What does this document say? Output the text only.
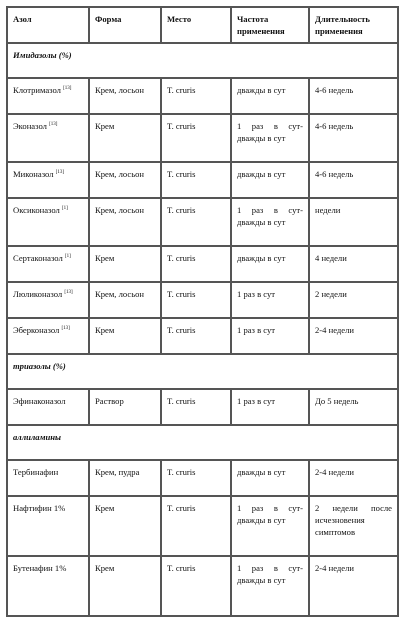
Азол	Форма	Место	Частота применения	Длительность применения
Имидазолы (%)				
Клотримазол [13]	Крем, лосьон	T. cruris	дважды в сут	4-6 недель
Эконазол [13]	Крем	T. cruris	1 раз в сут-дважды в сут	4-6 недель
Миконазол [13]	Крем, лосьон	T. cruris	дважды в сут	4-6 недель
Оксиконазол [1]	Крем, лосьон	T. cruris	1 раз в сут-дважды в сут	недели
Сертаконазол [1]	Крем	T. cruris	дважды в сут	4 недели
Люликоназол [13]	Крем, лосьон	T. cruris	1 раз в сут	2 недели
Эберконазол [13]	Крем	T. cruris	1 раз в сут	2-4 недели
триазолы (%)				
Эфинаконазол	Раствор	T. cruris	1 раз в сут	До 5 недель
аллиламины				
Тербинафин	Крем, пудра	T. cruris	дважды в сут	2-4 недели
Нафтифин 1%	Крем	T. cruris	1 раз в сут-дважды в сут	2 недели после исчезновения симптомов
Бутенафин 1%	Крем	T. cruris	1 раз в сут-дважды в сут	2-4 недели
